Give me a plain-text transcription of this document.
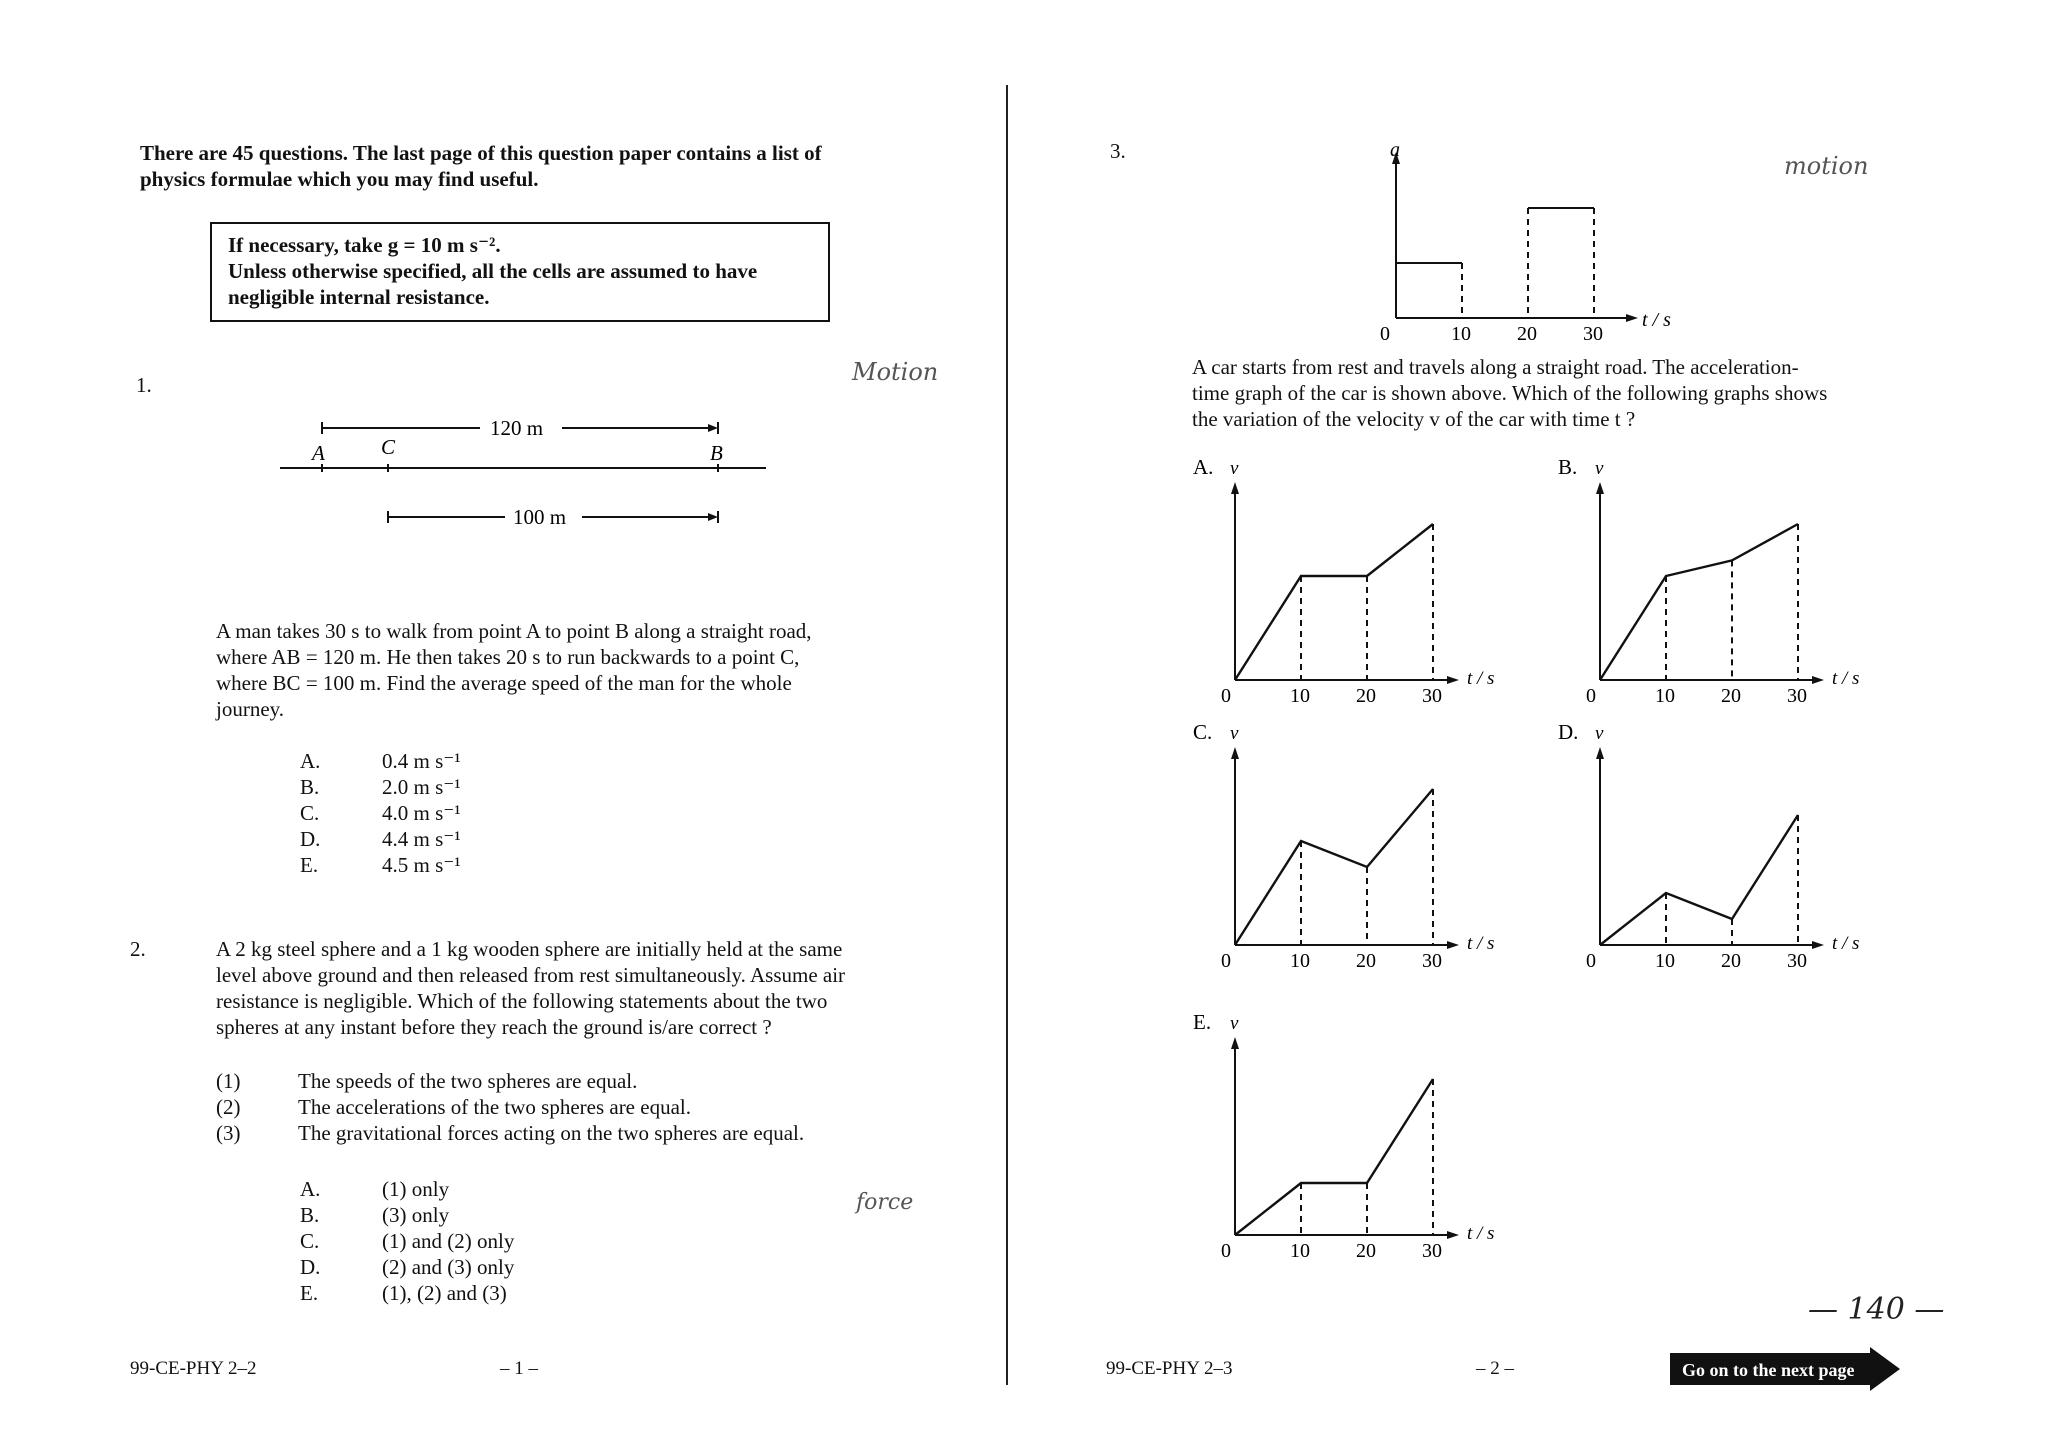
There are 45 questions. The last page of this question paper contains a list of
physics formulae which you may find useful.
If necessary, take g = 10 m s⁻².
Unless otherwise specified, all the cells are assumed to have
negligible internal resistance.
1.	Motion
120 m
A	C	B
100 m
A man takes 30 s to walk from point A to point B along a straight road,
where AB = 120 m. He then takes 20 s to run backwards to a point C,
where BC = 100 m. Find the average speed of the man for the whole
journey.
A.	0.4 m s⁻¹
B.	2.0 m s⁻¹
C.	4.0 m s⁻¹
D.	4.4 m s⁻¹
E.	4.5 m s⁻¹
2.	A 2 kg steel sphere and a 1 kg wooden sphere are initially held at the same
level above ground and then released from rest simultaneously. Assume air
resistance is negligible. Which of the following statements about the two
spheres at any instant before they reach the ground is/are correct ?
(1)	The speeds of the two spheres are equal.
(2)	The accelerations of the two spheres are equal.
(3)	The gravitational forces acting on the two spheres are equal.
force
A.	(1) only
B.	(3) only
C.	(1) and (2) only
D.	(2) and (3) only
E.	(1), (2) and (3)
99-CE-PHY 2–2	– 1 –
3.
motion
a
t / s
0	10 20 30
A car starts from rest and travels along a straight road. The acceleration-
time graph of the car is shown above. Which of the following graphs shows
the variation of the velocity v of the car with time t ?
A. v
t / s
0	10 20 30
B. v
t / s
0	10 20 30
C. v
t / s
0	10 20 30
D. v
t / s
0	10 20 30
E. v
t / s
0	10 20 30
— 140 —
99-CE-PHY 2–3	– 2 –	Go on to the next page
